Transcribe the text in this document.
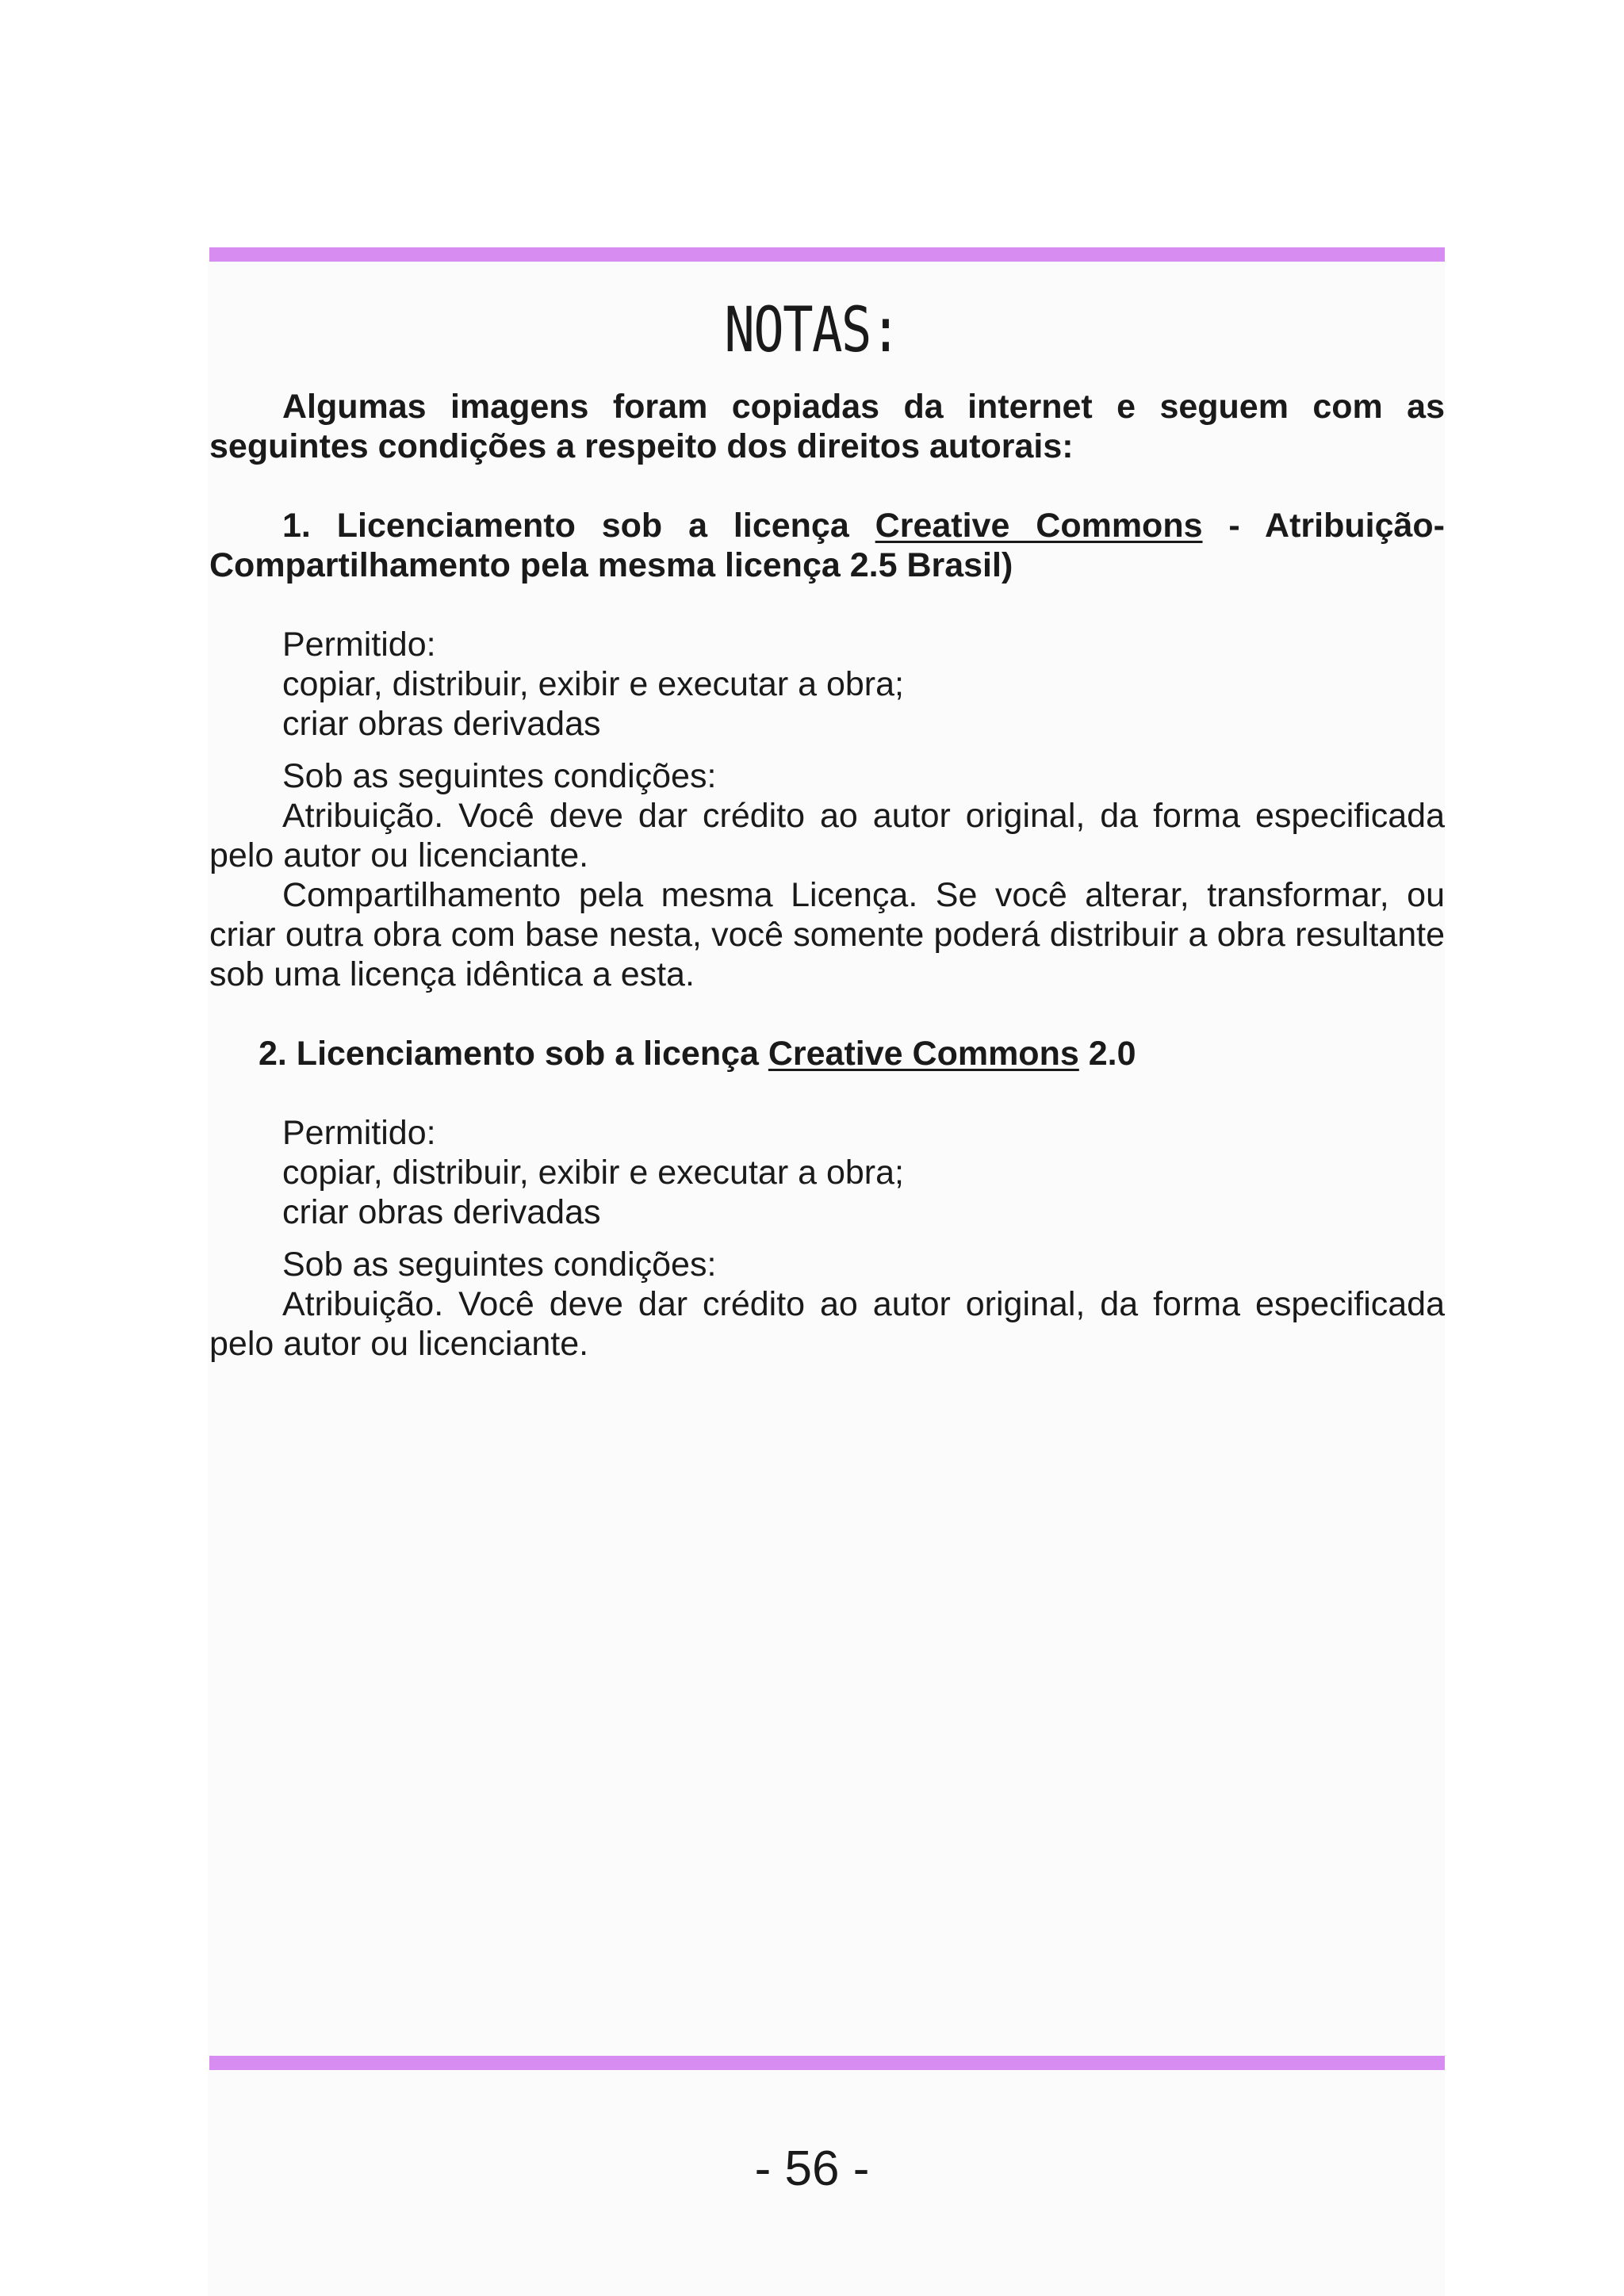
NOTAS:

Algumas imagens foram copiadas da internet e seguem com as seguintes condições a respeito dos direitos autorais:

1. Licenciamento sob a licença Creative Commons - Atribuição-Compartilhamento pela mesma licença 2.5 Brasil)

Permitido:

copiar, distribuir, exibir e executar a obra;

criar obras derivadas

Sob as seguintes condições:

Atribuição. Você deve dar crédito ao autor original, da forma especificada pelo autor ou licenciante.

Compartilhamento pela mesma Licença. Se você alterar, transformar, ou criar outra obra com base nesta, você somente poderá distribuir a obra resultante sob uma licença idêntica a esta.

2. Licenciamento sob a licença Creative Commons 2.0

Permitido:

copiar, distribuir, exibir e executar a obra;

criar obras derivadas

Sob as seguintes condições:

Atribuição. Você deve dar crédito ao autor original, da forma especificada pelo autor ou licenciante.

- 56 -
